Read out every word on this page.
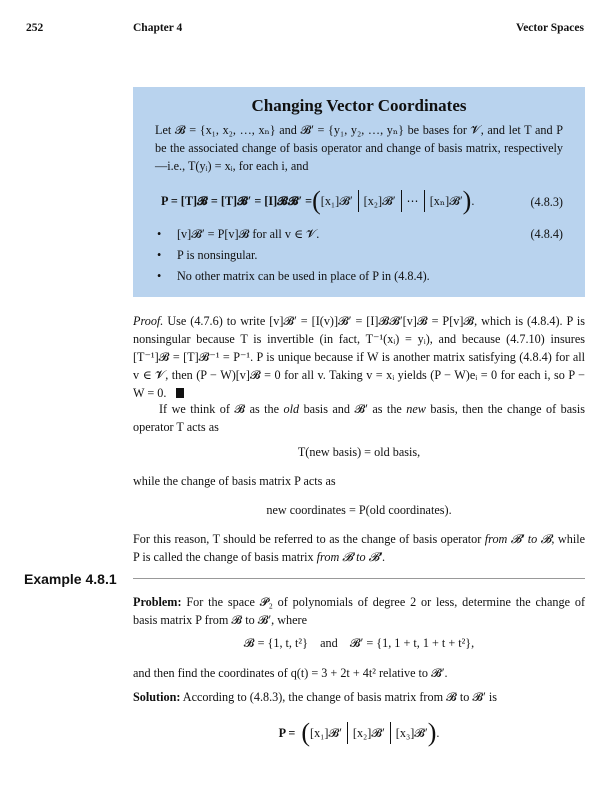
252	Chapter 4	Vector Spaces
Changing Vector Coordinates

Let 𝓑 = {x₁, x₂, …, xₙ} and 𝓑′ = {y₁, y₂, …, yₙ} be bases for 𝓥, and let T and P be the associated change of basis operator and change of basis matrix, respectively—i.e., T(yᵢ) = xᵢ, for each i, and

P = [T]𝓑 = [T]𝓑′ = [I]𝓑𝓑′ = ( [x₁]𝓑′ [x₂]𝓑′ ⋯ [xₙ]𝓑′ ) .	(4.8.3)
• [v]𝓑′ = P[v]𝓑 for all v ∈ 𝓥.	(4.8.4)
• P is nonsingular.
• No other matrix can be used in place of P in (4.8.4).

Proof. Use (4.7.6) to write [v]𝓑′ = [I(v)]𝓑′ = [I]𝓑𝓑′[v]𝓑 = P[v]𝓑, which is (4.8.4). P is nonsingular because T is invertible (in fact, T⁻¹(xᵢ) = yᵢ), and because (4.7.10) insures [T⁻¹]𝓑 = [T]𝓑⁻¹ = P⁻¹. P is unique because if W is another matrix satisfying (4.8.4) for all v ∈ 𝓥, then (P − W)[v]𝓑 = 0 for all v. Taking v = xᵢ yields (P − W)eᵢ = 0 for each i, so P − W = 0.

If we think of 𝓑 as the old basis and 𝓑′ as the new basis, then the change of basis operator T acts as

T(new basis) = old basis,

while the change of basis matrix P acts as

new coordinates = P(old coordinates).

For this reason, T should be referred to as the change of basis operator from 𝓑′ to 𝓑, while P is called the change of basis matrix from 𝓑 to 𝓑′.

Example 4.8.1

Problem: For the space 𝓟₂ of polynomials of degree 2 or less, determine the change of basis matrix P from 𝓑 to 𝓑′, where

𝓑 = {1, t, t²}    and    𝓑′ = {1, 1 + t, 1 + t + t²},

and then find the coordinates of q(t) = 3 + 2t + 4t² relative to 𝓑′.

Solution: According to (4.8.3), the change of basis matrix from 𝓑 to 𝓑′ is

P = ( [x₁]𝓑′ [x₂]𝓑′ [x₃]𝓑′ ) .
